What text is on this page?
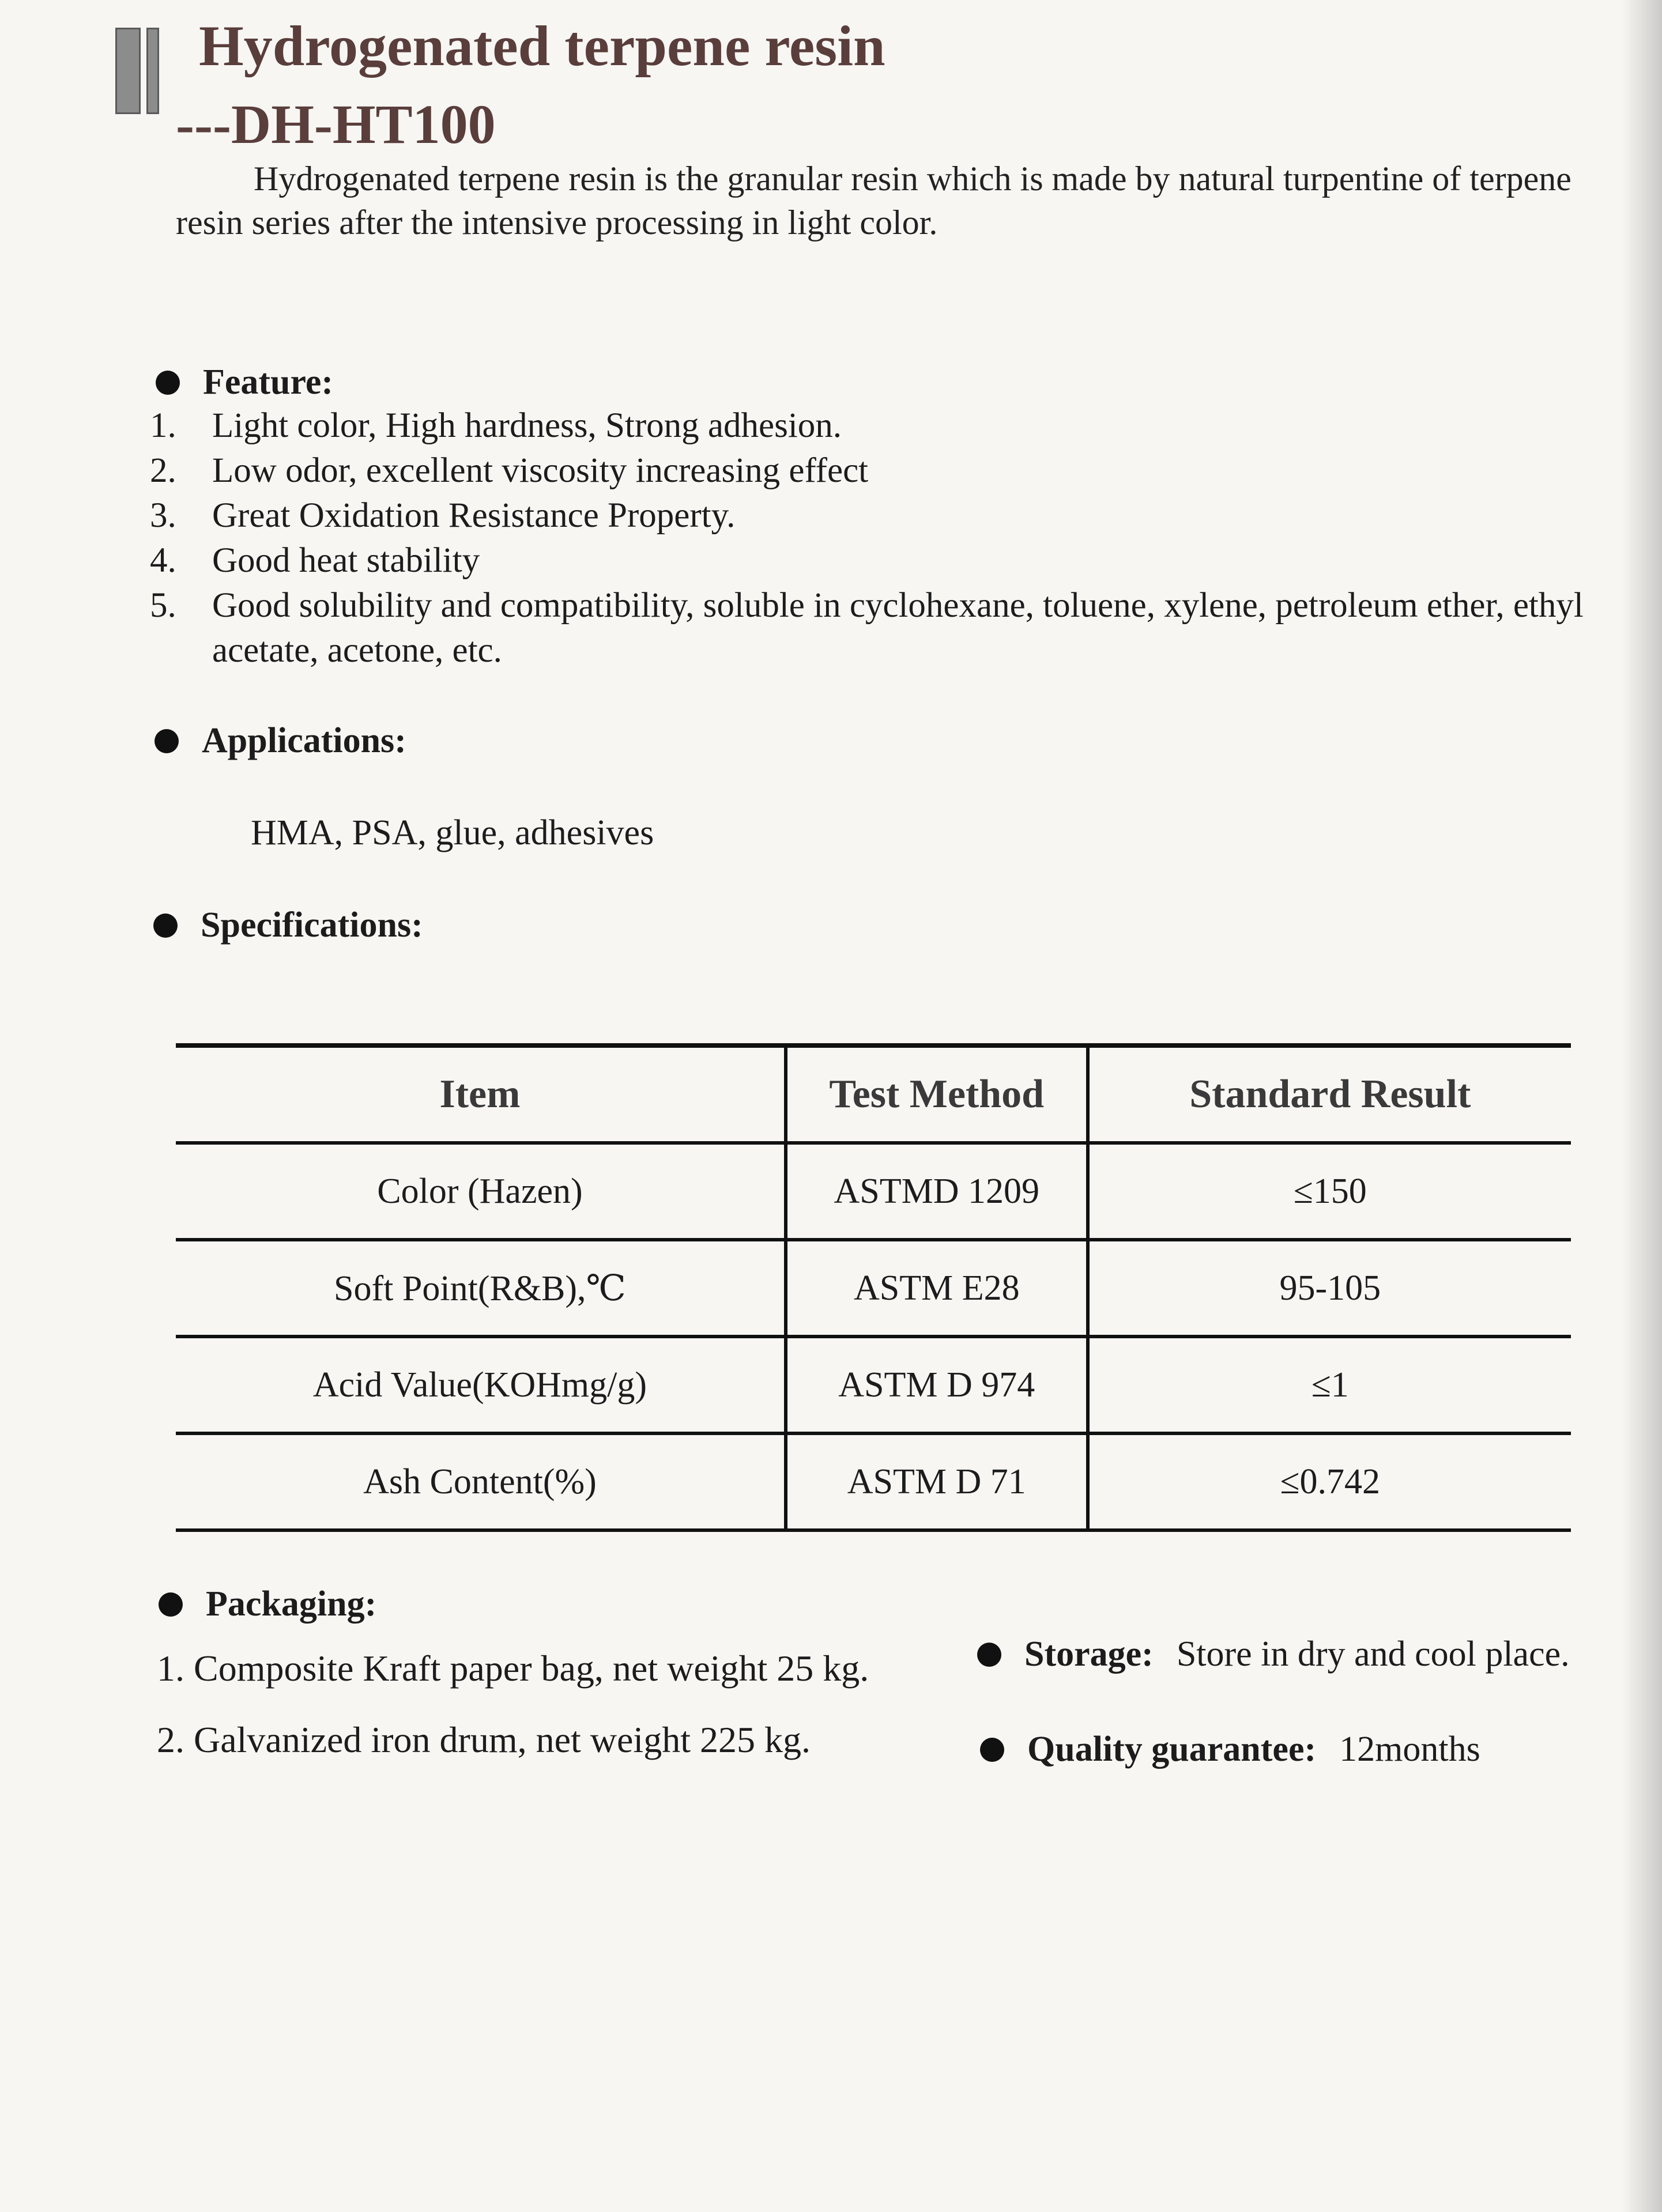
Hydrogenated terpene resin
---DH-HT100
Hydrogenated terpene resin is the granular resin which is made by natural turpentine of terpene resin series after the intensive processing in light color.
Feature:
1.	Light color, High hardness, Strong adhesion.
2.	Low odor, excellent viscosity increasing effect
3.	Great Oxidation Resistance Property.
4.	Good heat stability
5.	Good solubility and compatibility, soluble in cyclohexane, toluene, xylene, petroleum ether, ethyl acetate, acetone, etc.
Applications:
HMA, PSA, glue, adhesives
Specifications:
Item	Test Method	Standard Result
Color (Hazen)	ASTMD 1209	≤150
Soft Point(R&B),℃	ASTM E28	95-105
Acid Value(KOHmg/g)	ASTM D 974	≤1
Ash Content(%)	ASTM D 71	≤0.742
Packaging:
1. Composite Kraft paper bag, net weight 25 kg.
2. Galvanized iron drum, net weight 225 kg.
Storage: Store in dry and cool place.
Quality guarantee: 12months
